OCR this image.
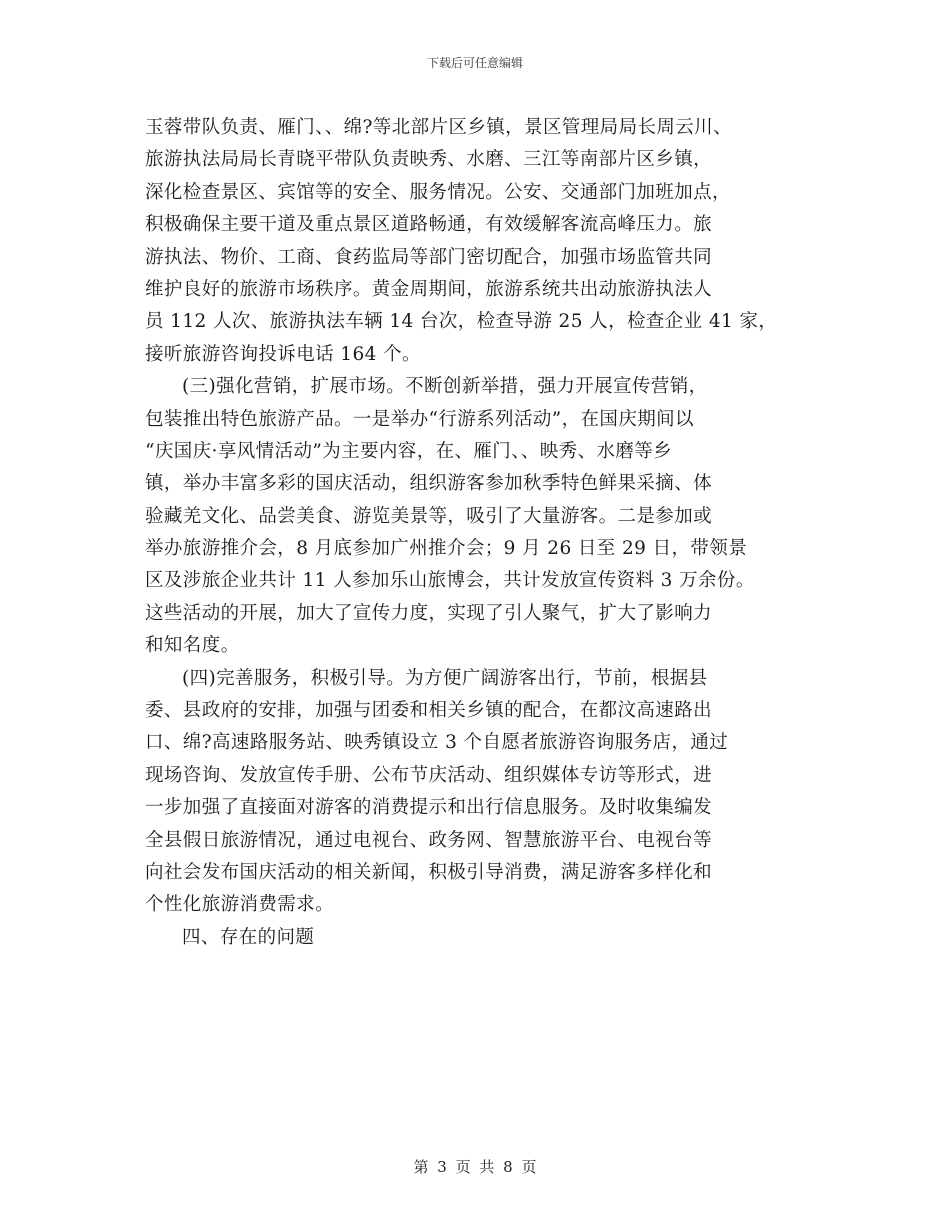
下载后可任意编辑
玉蓉带队负责、雁门、、绵?等北部片区乡镇，景区管理局局长周云川、
旅游执法局局长青晓平带队负责映秀、水磨、三江等南部片区乡镇，
深化检查景区、宾馆等的安全、服务情况。公安、交通部门加班加点，
积极确保主要干道及重点景区道路畅通，有效缓解客流高峰压力。旅
游执法、物价、工商、食药监局等部门密切配合，加强市场监管共同
维护良好的旅游市场秩序。黄金周期间，旅游系统共出动旅游执法人
员 112 人次、旅游执法车辆 14 台次，检查导游 25 人，检查企业 41 家，
接听旅游咨询投诉电话 164 个。
(三)强化营销，扩展市场。不断创新举措，强力开展宣传营销，
包装推出特色旅游产品。一是举办“行游系列活动”，在国庆期间以
“庆国庆·享风情活动”为主要内容，在、雁门、、映秀、水磨等乡
镇，举办丰富多彩的国庆活动，组织游客参加秋季特色鲜果采摘、体
验藏羌文化、品尝美食、游览美景等，吸引了大量游客。二是参加或
举办旅游推介会，8 月底参加广州推介会；9 月 26 日至 29 日，带领景
区及涉旅企业共计 11 人参加乐山旅博会，共计发放宣传资料 3 万余份。
这些活动的开展，加大了宣传力度，实现了引人聚气，扩大了影响力
和知名度。
(四)完善服务，积极引导。为方便广阔游客出行，节前，根据县
委、县政府的安排，加强与团委和相关乡镇的配合，在都汶高速路出
口、绵?高速路服务站、映秀镇设立 3 个自愿者旅游咨询服务店，通过
现场咨询、发放宣传手册、公布节庆活动、组织媒体专访等形式，进
一步加强了直接面对游客的消费提示和出行信息服务。及时收集编发
全县假日旅游情况，通过电视台、政务网、智慧旅游平台、电视台等
向社会发布国庆活动的相关新闻，积极引导消费，满足游客多样化和
个性化旅游消费需求。
四、存在的问题
第 3 页 共 8 页
